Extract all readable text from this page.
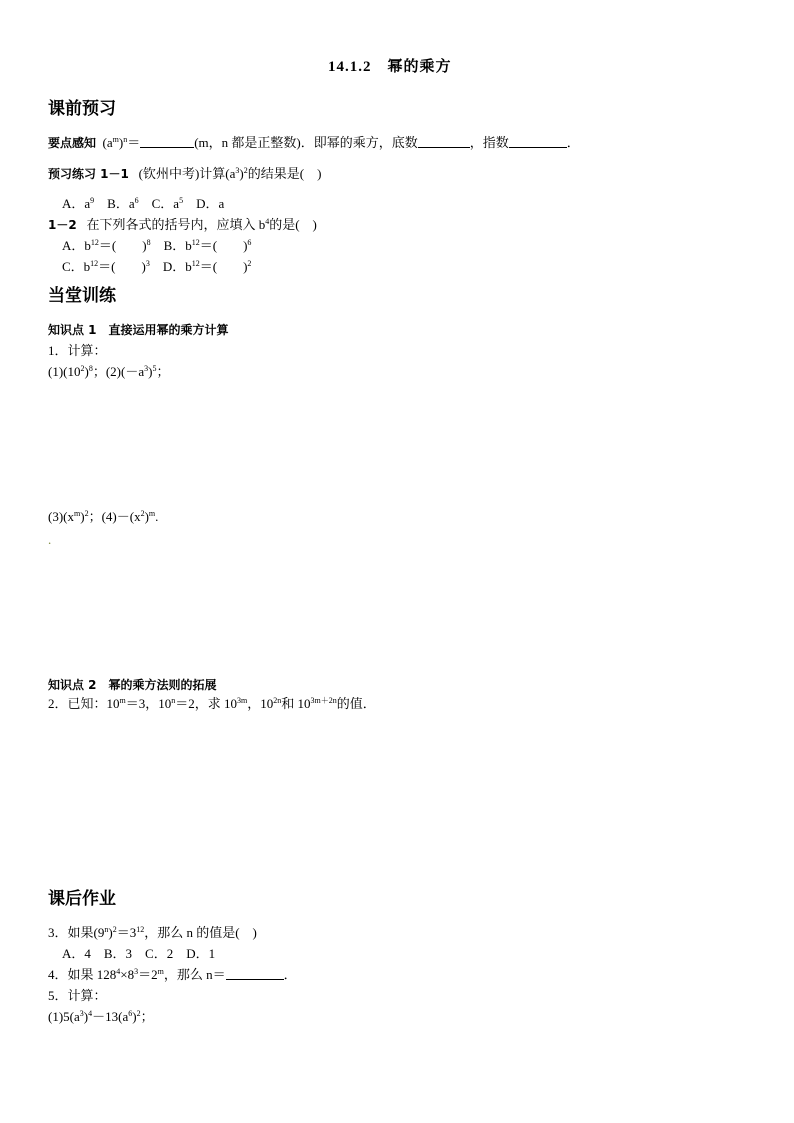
14.1.2　幂的乘方
课前预习
要点感知 $(a^m)^n=$	(m，n 都是正整数)．即幂的乘方，底数	，指数	．
预习练习 1－1 (钦州中考)计算$(a^3)^2$的结果是(　)
A．$a^9$　B．$a^6$　C．$a^5$　D．a
1－2 在下列各式的括号内，应填入 $b^4$的是(　)
A．$b^{12}=$(　　)$^8$　B．$b^{12}=$(　　)$^6$
C．$b^{12}=$(　　)$^3$　D．$b^{12}=$(　　)$^2$
当堂训练
知识点 1　直接运用幂的乘方计算
1．计算：
$(1)(10^2)^8$；$(2)(-a^3)^5$；
$(3)(x^m)^2$；$(4)-(x^2)^m$.
.
知识点 2　幂的乘方法则的拓展
2．已知：$10^m=3$，$10^n=2$，求 $10^{3m}$，$10^{2n}$和 $10^{3m+2n}$的值．
课后作业
3．如果$(9^n)^2=3^{12}$，那么 n 的值是(　)
A．4　B．3　C．2　D．1
4．如果 $128^4\times 8^3=2^m$，那么 n＝	．
5．计算：
$(1)5(a^3)^4-13(a^6)^2$；
